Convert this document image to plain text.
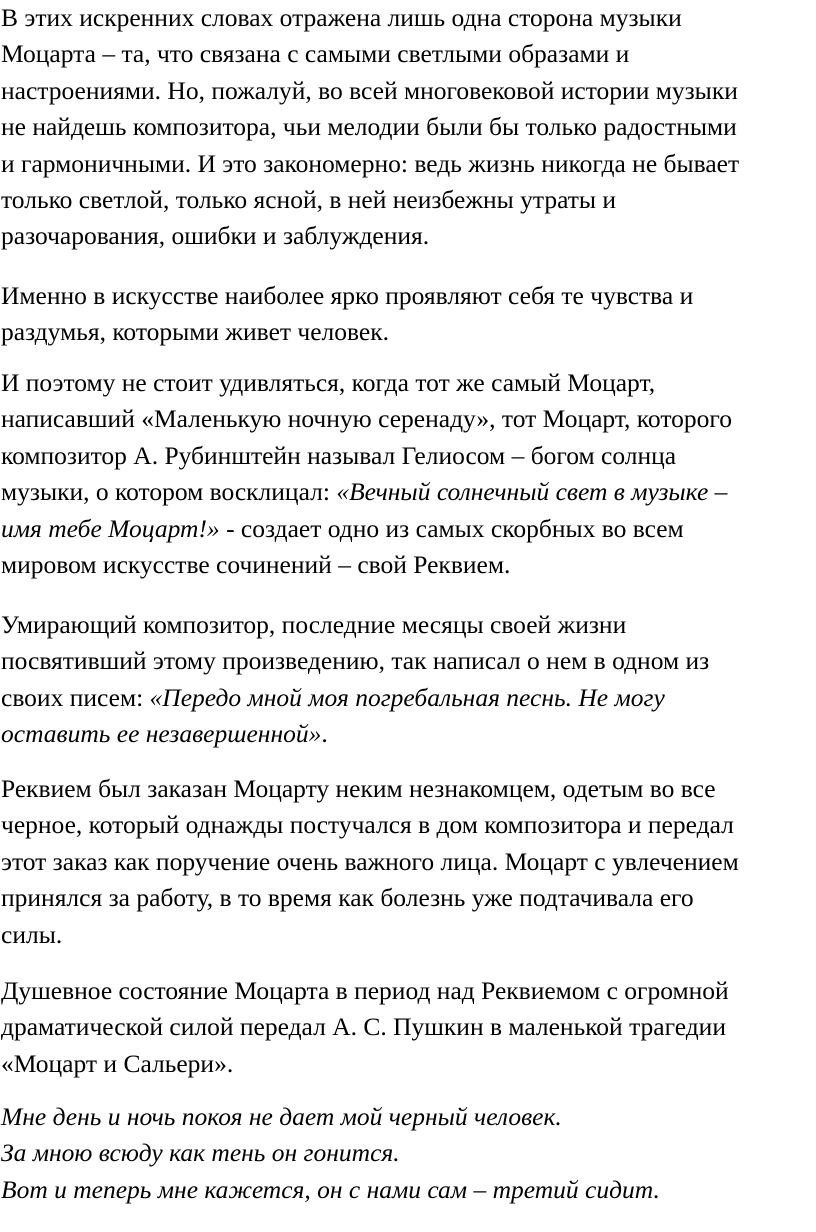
В этих искренних словах отражена лишь одна сторона музыки
Моцарта – та, что связана с самыми светлыми образами и
настроениями. Но, пожалуй, во всей многовековой истории музыки
не найдешь композитора, чьи мелодии были бы только радостными
и гармоничными. И это закономерно: ведь жизнь никогда не бывает
только светлой, только ясной, в ней неизбежны утраты и
разочарования, ошибки и заблуждения.

Именно в искусстве наиболее ярко проявляют себя те чувства и
раздумья, которыми живет человек.

И поэтому не стоит удивляться, когда тот же самый Моцарт,
написавший «Маленькую ночную серенаду», тот Моцарт, которого
композитор А. Рубинштейн называл Гелиосом – богом солнца
музыки, о котором восклицал: «Вечный солнечный свет в музыке –
имя тебе Моцарт!» - создает одно из самых скорбных во всем
мировом искусстве сочинений – свой Реквием.

Умирающий композитор, последние месяцы своей жизни
посвятивший этому произведению, так написал о нем в одном из
своих писем: «Передо мной моя погребальная песнь. Не могу
оставить ее незавершенной».

Реквием был заказан Моцарту неким незнакомцем, одетым во все
черное, который однажды постучался в дом композитора и передал
этот заказ как поручение очень важного лица. Моцарт с увлечением
принялся за работу, в то время как болезнь уже подтачивала его
силы.

Душевное состояние Моцарта в период над Реквиемом с огромной
драматической силой передал А. С. Пушкин в маленькой трагедии
«Моцарт и Сальери».

Мне день и ночь покоя не дает мой черный человек.
За мною всюду как тень он гонится.
Вот и теперь мне кажется, он с нами сам – третий сидит.
